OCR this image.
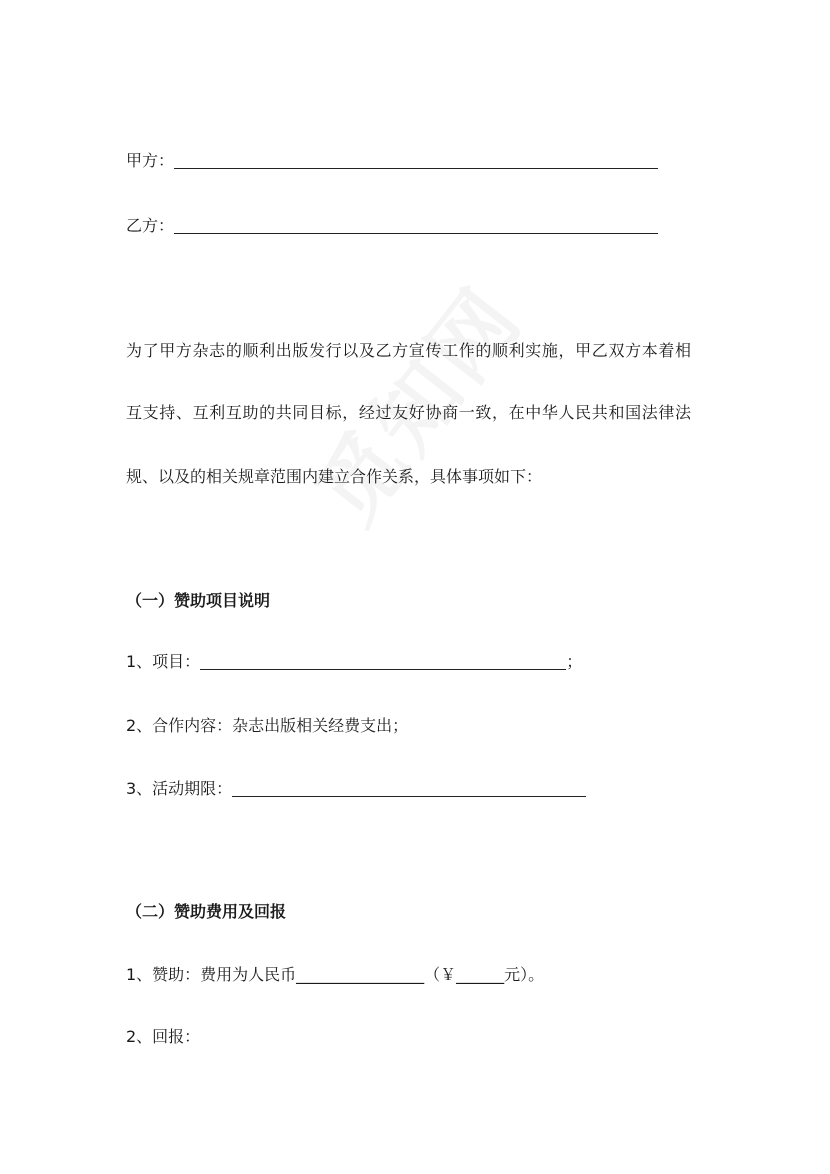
甲方：
乙方：
为了甲方杂志的顺利出版发行以及乙方宣传工作的顺利实施，甲乙双方本着相
互支持、互利互助的共同目标，经过友好协商一致，在中华人民共和国法律法
规、以及的相关规章范围内建立合作关系，具体事项如下：
（一）赞助项目说明
1、项目：	；
2、合作内容：杂志出版相关经费支出；
3、活动期限：
（二）赞助费用及回报
1、赞助：费用为人民币________________（￥______元）。
2、回报：
